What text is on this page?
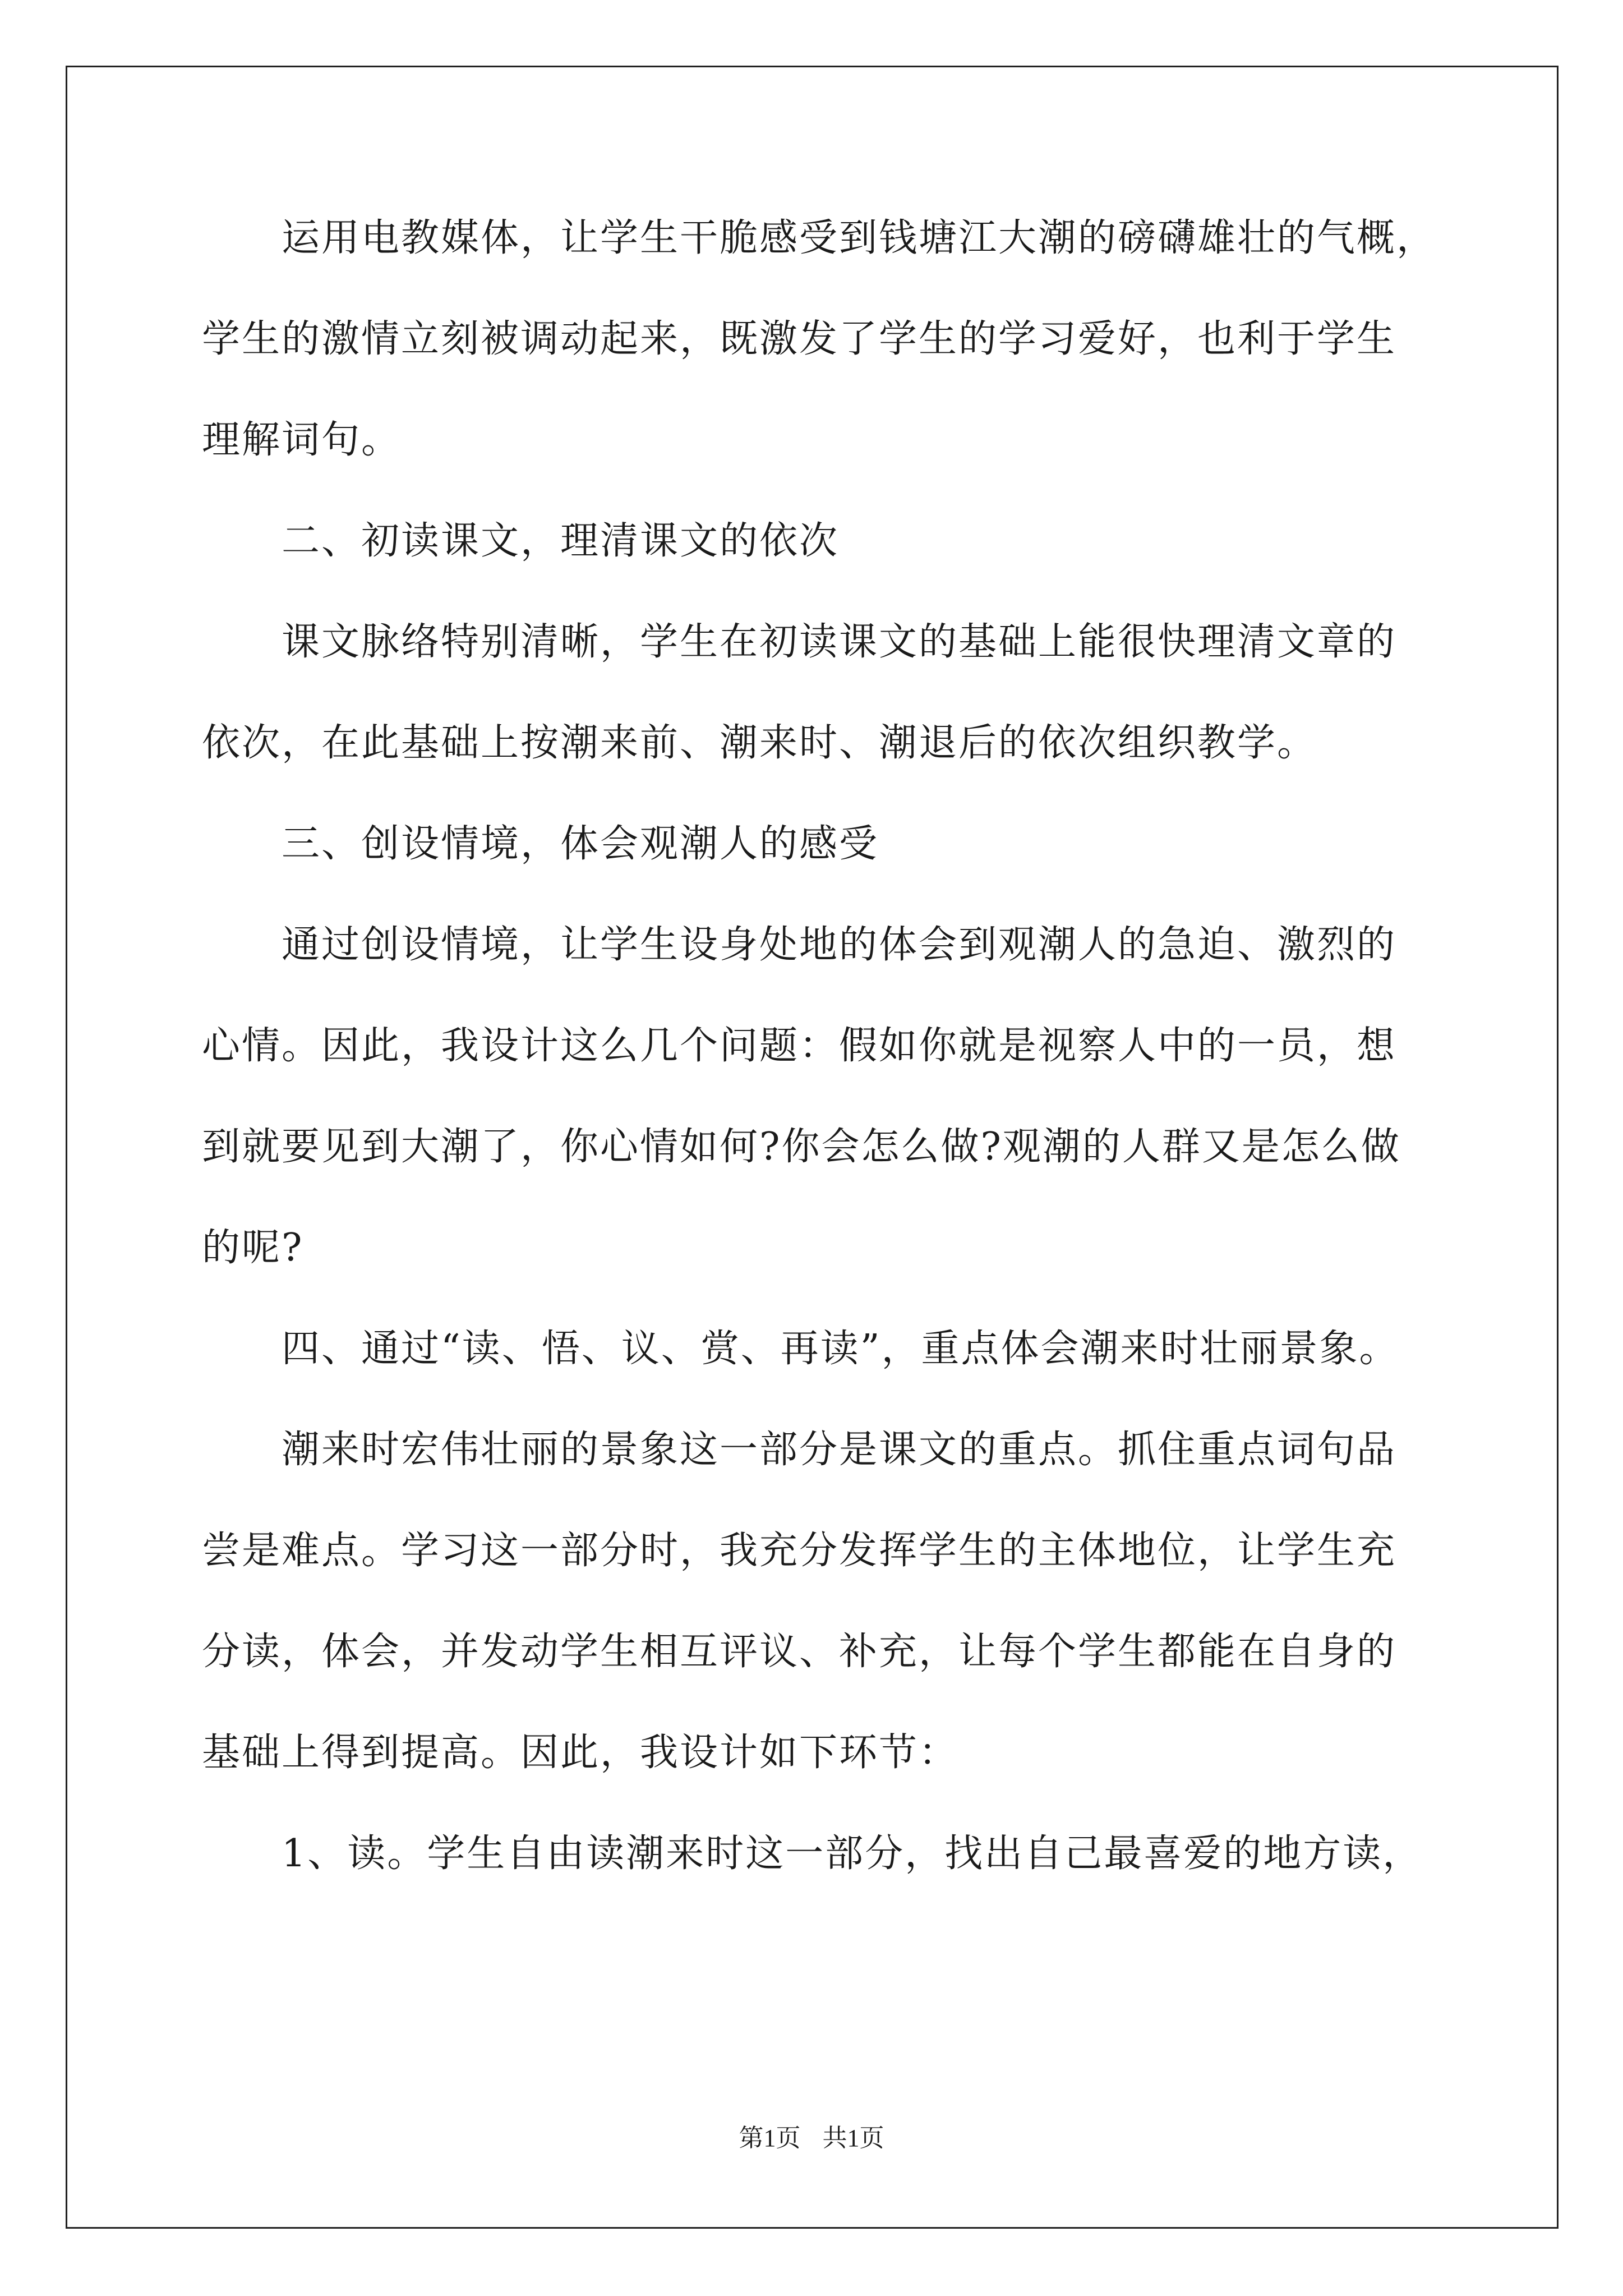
　　运用电教媒体，让学生干脆感受到钱塘江大潮的磅礴雄壮的气概，
学生的激情立刻被调动起来，既激发了学生的学习爱好，也利于学生
理解词句。
　　二、初读课文，理清课文的依次
　　课文脉络特别清晰，学生在初读课文的基础上能很快理清文章的
依次，在此基础上按潮来前、潮来时、潮退后的依次组织教学。
　　三、创设情境，体会观潮人的感受
　　通过创设情境，让学生设身处地的体会到观潮人的急迫、激烈的
心情。因此，我设计这么几个问题：假如你就是视察人中的一员，想
到就要见到大潮了，你心情如何?你会怎么做?观潮的人群又是怎么做
的呢?
　　四、通过“读、悟、议、赏、再读”，重点体会潮来时壮丽景象。
　　潮来时宏伟壮丽的景象这一部分是课文的重点。抓住重点词句品
尝是难点。学习这一部分时，我充分发挥学生的主体地位，让学生充
分读，体会，并发动学生相互评议、补充，让每个学生都能在自身的
基础上得到提高。因此，我设计如下环节：
　　1、读。学生自由读潮来时这一部分，找出自己最喜爱的地方读，
第1页 共1页
